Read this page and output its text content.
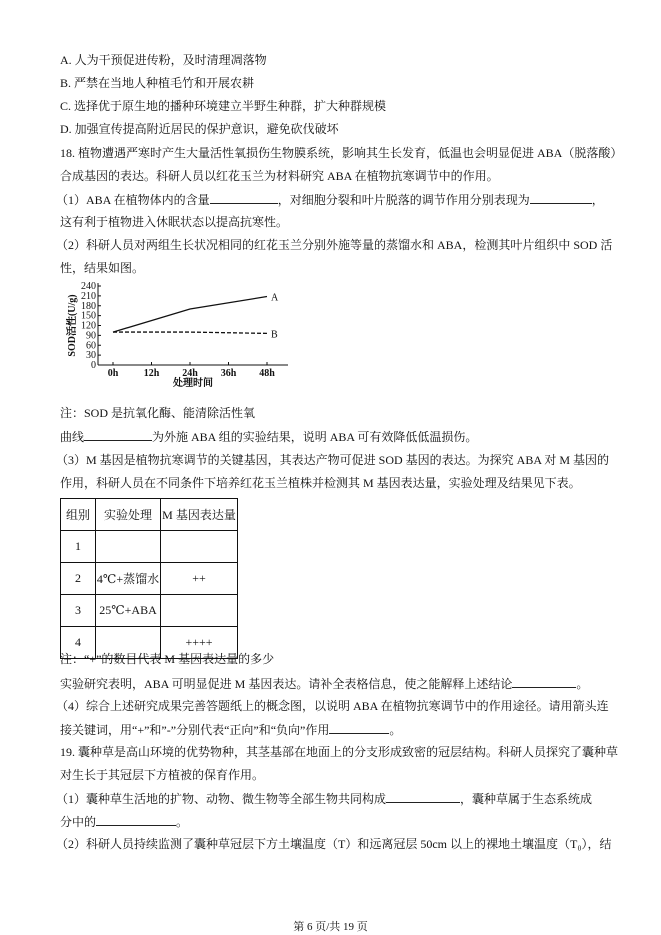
A. 人为干预促进传粉，及时清理凋落物
B. 严禁在当地人种植毛竹和开展农耕
C. 选择优于原生地的播种环境建立半野生种群，扩大种群规模
D. 加强宣传提高附近居民的保护意识，避免砍伐破坏
18. 植物遭遇严寒时产生大量活性氧损伤生物膜系统，影响其生长发育，低温也会明显促进 ABA（脱落酸）
合成基因的表达。科研人员以红花玉兰为材料研究 ABA 在植物抗寒调节中的作用。
（1）ABA 在植物体内的含量	，对细胞分裂和叶片脱落的调节作用分别表现为	，
这有利于植物进入休眠状态以提高抗寒性。
（2）科研人员对两组生长状况相同的红花玉兰分别外施等量的蒸馏水和 ABA，检测其叶片组织中 SOD 活
性，结果如图。
0
30
60
90
120
150
180
210
240
0h	12h 24h 36h 48h
处理时间
SOD活性(U/g)	A
B
注：SOD 是抗氧化酶、能清除活性氧
曲线	为外施 ABA 组的实验结果，说明 ABA 可有效降低低温损伤。
（3）M 基因是植物抗寒调节的关键基因，其表达产物可促进 SOD 基因的表达。为探究 ABA 对 M 基因的
作用，科研人员在不同条件下培养红花玉兰植株并检测其 M 基因表达量，实验处理及结果见下表。
组别	实验处理	M 基因表达量
1		
2	4℃+蒸馏水	++
3	25℃+ABA	
4		++++
注：“+”的数目代表 M 基因表达量的多少
实验研究表明，ABA 可明显促进 M 基因表达。请补全表格信息，使之能解释上述结论	。
（4）综合上述研究成果完善答题纸上的概念图，以说明 ABA 在植物抗寒调节中的作用途径。请用箭头连
接关键词，用“+”和”-”分别代表“正向”和“负向”作用	。
19. 囊种草是高山环境的优势物种，其茎基部在地面上的分支形成致密的冠层结构。科研人员探究了囊种草
对生长于其冠层下方植被的保育作用。
（1）囊种草生活地的扩物、动物、微生物等全部生物共同构成	，囊种草属于生态系统成
分中的	。
（2）科研人员持续监测了囊种草冠层下方土壤温度（T）和远离冠层 50cm 以上的裸地土壤温度（T₀），结
第 6 页/共 19 页
